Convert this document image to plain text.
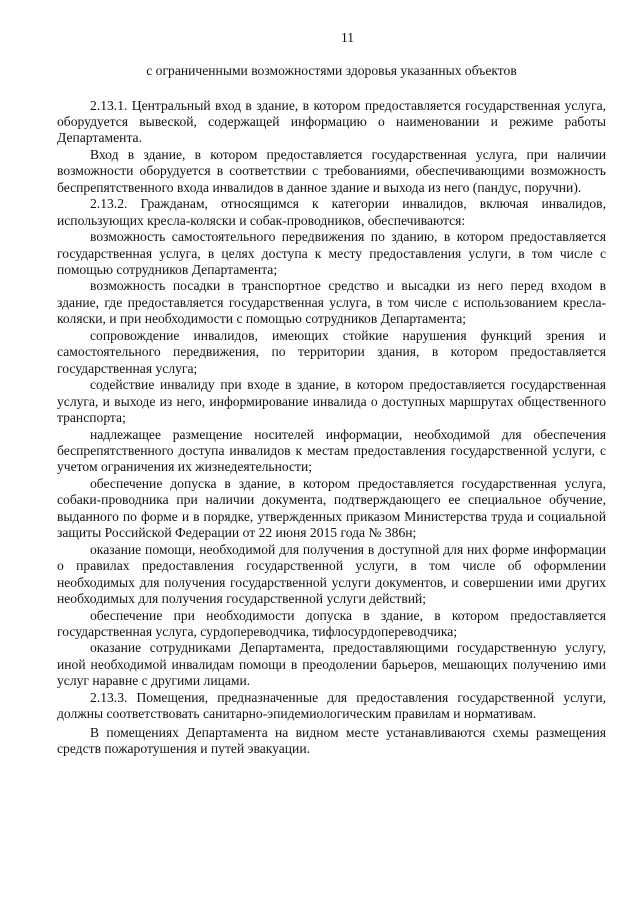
11
с ограниченными возможностями здоровья указанных объектов

2.13.1. Центральный вход в здание, в котором предоставляется государственная услуга, оборудуется вывеской, содержащей информацию о наименовании и режиме работы Департамента.

Вход в здание, в котором предоставляется государственная услуга, при наличии возможности оборудуется в соответствии с требованиями, обеспечивающими возможность беспрепятственного входа инвалидов в данное здание и выхода из него (пандус, поручни).

2.13.2. Гражданам, относящимся к категории инвалидов, включая инвалидов, использующих кресла-коляски и собак-проводников, обеспечиваются:

возможность самостоятельного передвижения по зданию, в котором предоставляется государственная услуга, в целях доступа к месту предоставления услуги, в том числе с помощью сотрудников Департамента;

возможность посадки в транспортное средство и высадки из него перед входом в здание, где предоставляется государственная услуга, в том числе с использованием кресла-коляски, и при необходимости с помощью сотрудников Департамента;

сопровождение инвалидов, имеющих стойкие нарушения функций зрения и самостоятельного передвижения, по территории здания, в котором предоставляется государственная услуга;

содействие инвалиду при входе в здание, в котором предоставляется государственная услуга, и выходе из него, информирование инвалида о доступных маршрутах общественного транспорта;

надлежащее размещение носителей информации, необходимой для обеспечения беспрепятственного доступа инвалидов к местам предоставления государственной услуги, с учетом ограничения их жизнедеятельности;

обеспечение допуска в здание, в котором предоставляется государственная услуга, собаки-проводника при наличии документа, подтверждающего ее специальное обучение, выданного по форме и в порядке, утвержденных приказом Министерства труда и социальной защиты Российской Федерации от 22 июня 2015 года № 386н;

оказание помощи, необходимой для получения в доступной для них форме информации о правилах предоставления государственной услуги, в том числе об оформлении необходимых для получения государственной услуги документов, и совершении ими других необходимых для получения государственной услуги действий;

обеспечение при необходимости допуска в здание, в котором предоставляется государственная услуга, сурдопереводчика, тифлосурдопереводчика;

оказание сотрудниками Департамента, предоставляющими государственную услугу, иной необходимой инвалидам помощи в преодолении барьеров, мешающих получению ими услуг наравне с другими лицами.

2.13.3. Помещения, предназначенные для предоставления государственной услуги, должны соответствовать санитарно-эпидемиологическим правилам и нормативам.

В помещениях Департамента на видном месте устанавливаются схемы размещения средств пожаротушения и путей эвакуации.
